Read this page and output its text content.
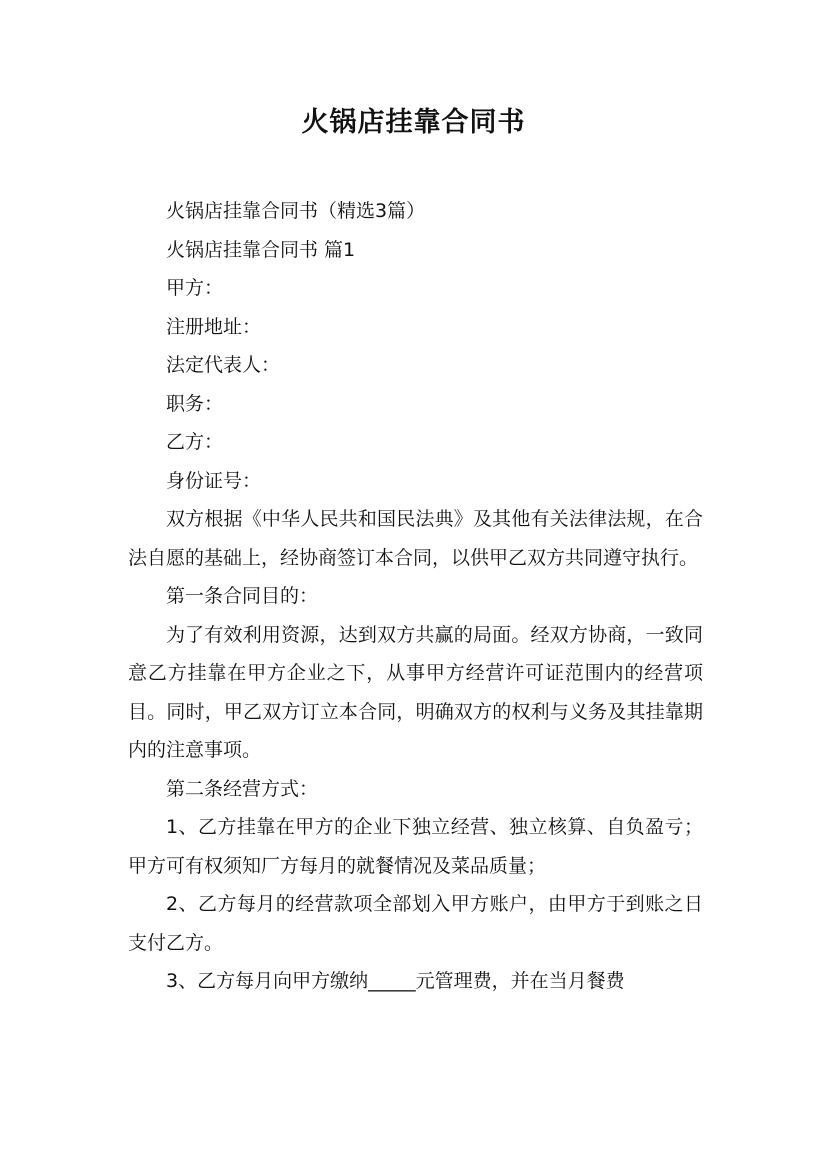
火锅店挂靠合同书

火锅店挂靠合同书（精选3篇）

火锅店挂靠合同书 篇1

甲方：

注册地址：

法定代表人：

职务：

乙方：

身份证号：

双方根据《中华人民共和国民法典》及其他有关法律法规，在合法自愿的基础上，经协商签订本合同，以供甲乙双方共同遵守执行。

第一条合同目的：

为了有效利用资源，达到双方共赢的局面。经双方协商，一致同意乙方挂靠在甲方企业之下，从事甲方经营许可证范围内的经营项目。同时，甲乙双方订立本合同，明确双方的权利与义务及其挂靠期内的注意事项。

第二条经营方式：

1、乙方挂靠在甲方的企业下独立经营、独立核算、自负盈亏；甲方可有权须知厂方每月的就餐情况及菜品质量；

2、乙方每月的经营款项全部划入甲方账户，由甲方于到账之日支付乙方。

3、乙方每月向甲方缴纳_____元管理费，并在当月餐费
